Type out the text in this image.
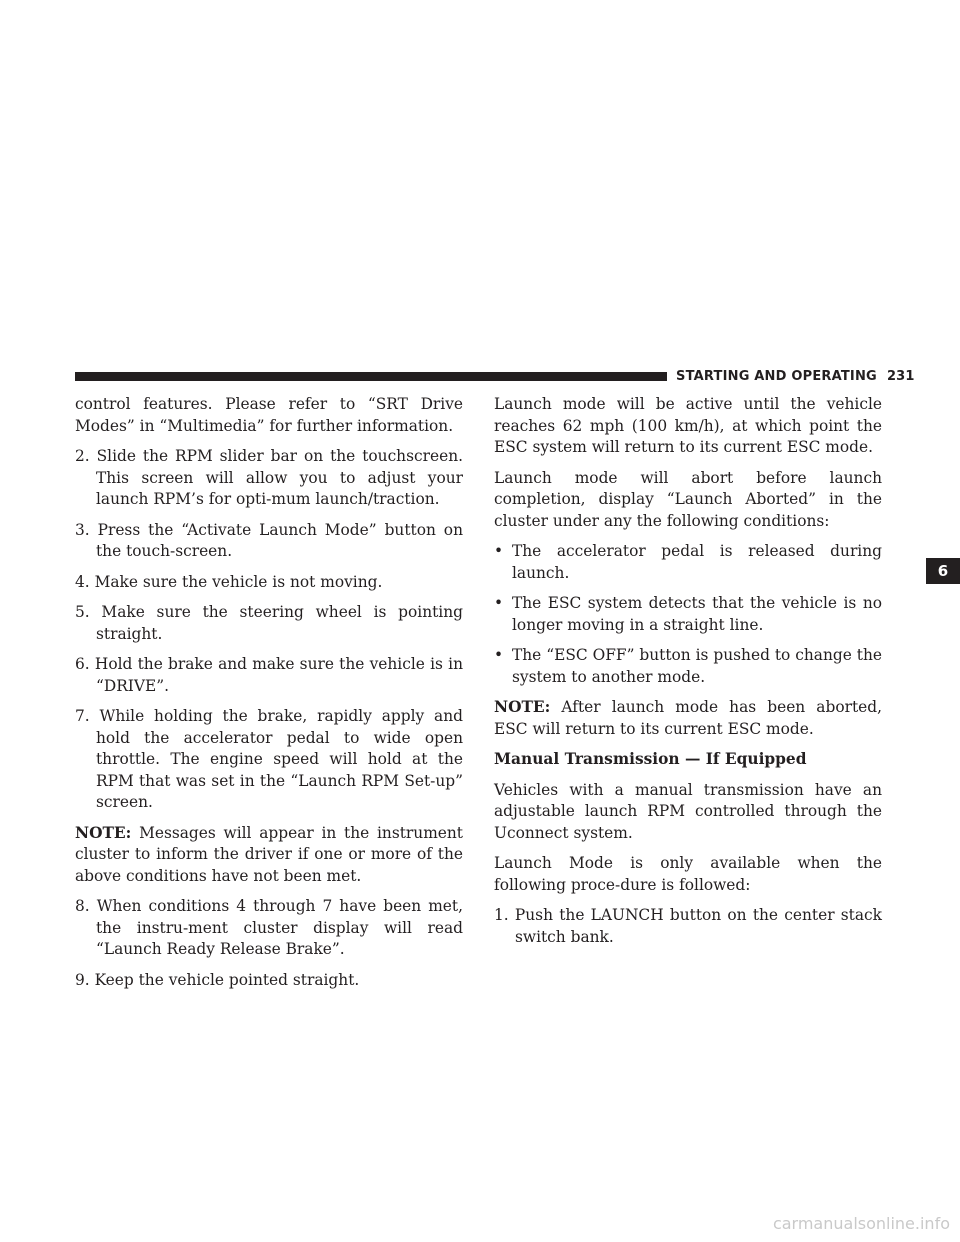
STARTING AND OPERATING 231

control features. Please refer to “SRT Drive Modes” in “Multimedia” for further information.

2. Slide the RPM slider bar on the touchscreen. This screen will allow you to adjust your launch RPM’s for opti-mum launch/traction.
3. Press the “Activate Launch Mode” button on the touch-screen.
4. Make sure the vehicle is not moving.
5. Make sure the steering wheel is pointing straight.
6. Hold the brake and make sure the vehicle is in “DRIVE”.
7. While holding the brake, rapidly apply and hold the accelerator pedal to wide open throttle. The engine speed will hold at the RPM that was set in the “Launch RPM Set-up” screen.

NOTE: Messages will appear in the instrument cluster to inform the driver if one or more of the above conditions have not been met.

8. When conditions 4 through 7 have been met, the instru-ment cluster display will read “Launch Ready Release Brake”.
9. Keep the vehicle pointed straight.

Launch mode will be active until the vehicle reaches 62 mph (100 km/h), at which point the ESC system will return to its current ESC mode.

Launch mode will abort before launch completion, display “Launch Aborted” in the cluster under any the following conditions:

• The accelerator pedal is released during launch.
• The ESC system detects that the vehicle is no longer moving in a straight line.
• The “ESC OFF” button is pushed to change the system to another mode.

NOTE: After launch mode has been aborted, ESC will return to its current ESC mode.

Manual Transmission — If Equipped

Vehicles with a manual transmission have an adjustable launch RPM controlled through the Uconnect system.

Launch Mode is only available when the following proce-dure is followed:

1. Push the LAUNCH button on the center stack switch bank.
6
carmanualsonline.info
